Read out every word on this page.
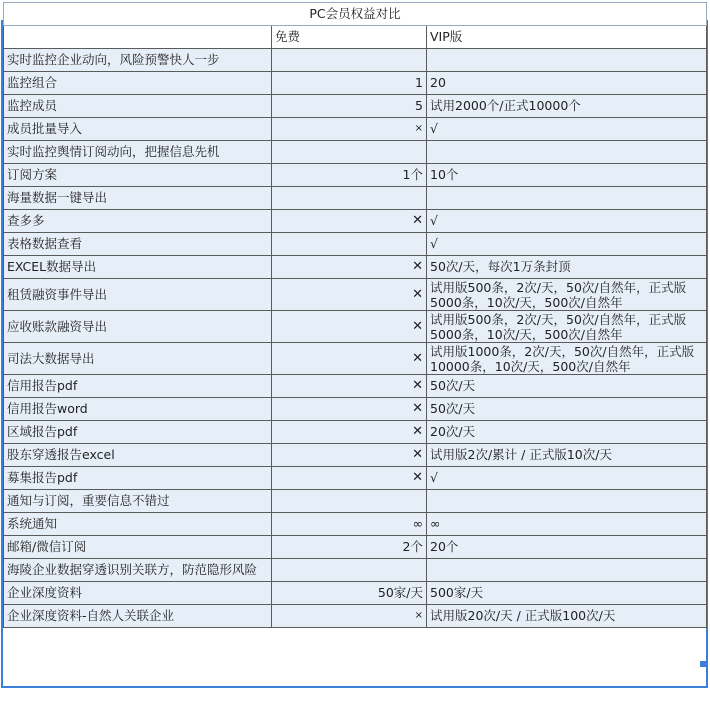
PC会员权益对比		
	免费	VIP版
实时监控企业动向，风险预警快人一步		
监控组合	1	20
监控成员	5	试用2000个/正式10000个
成员批量导入	×	√
实时监控舆情订阅动向，把握信息先机		
订阅方案	1个	10个
海量数据一键导出		
查多多	✕	√
表格数据查看		√
EXCEL数据导出	✕	50次/天，每次1万条封顶
租赁融资事件导出	✕	试用版500条，2次/天，50次/自然年，正式版5000条，10次/天，500次/自然年
应收账款融资导出	✕	试用版500条，2次/天，50次/自然年，正式版5000条，10次/天，500次/自然年
司法大数据导出	✕	试用版1000条，2次/天，50次/自然年，正式版10000条，10次/天，500次/自然年
信用报告pdf	✕	50次/天
信用报告word	✕	50次/天
区域报告pdf	✕	20次/天
股东穿透报告excel	✕	试用版2次/累计 / 正式版10次/天
募集报告pdf	✕	√
通知与订阅，重要信息不错过		
系统通知	∞	∞
邮箱/微信订阅	2个	20个
海陵企业数据穿透识别关联方，防范隐形风险		
企业深度资料	50家/天	500家/天
企业深度资料-自然人关联企业	×	试用版20次/天 / 正式版100次/天
